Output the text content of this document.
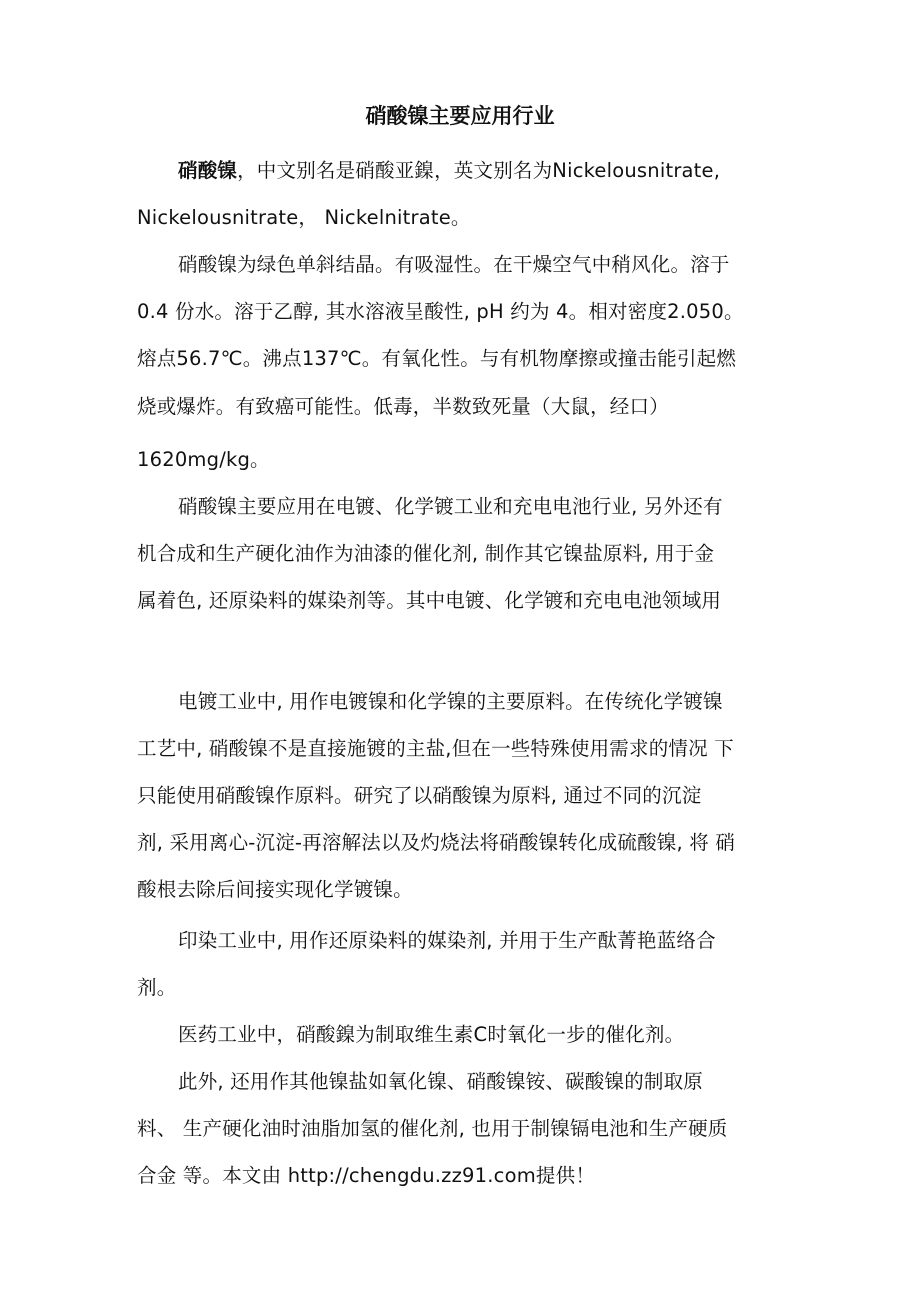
硝酸镍主要应用行业
硝酸镍，中文别名是硝酸亚鎳，英文别名为Nickelousnitrate,
Nickelousnitrate， Nickelnitrate。
硝酸镍为绿色单斜结晶。有吸湿性。在干燥空气中稍风化。溶于
0.4 份水。溶于乙醇, 其水溶液呈酸性, pH 约为 4。相对密度2.050。
熔点56.7℃。沸点137℃。有氧化性。与有机物摩擦或撞击能引起燃
烧或爆炸。有致癌可能性。低毒，半数致死量（大鼠，经口）
1620mg/kg。
硝酸镍主要应用在电镀、化学镀工业和充电电池行业, 另外还有
机合成和生产硬化油作为油漆的催化剂, 制作其它镍盐原料, 用于金
属着色, 还原染料的媒染剂等。其中电镀、化学镀和充电电池领域用
电镀工业中, 用作电镀镍和化学镍的主要原料。在传统化学镀镍
工艺中, 硝酸镍不是直接施镀的主盐,但在一些特殊使用需求的情况 下
只能使用硝酸镍作原料。研究了以硝酸镍为原料, 通过不同的沉淀
剂, 采用离心-沉淀-再溶解法以及灼烧法将硝酸镍转化成硫酸镍, 将 硝
酸根去除后间接实现化学镀镍。
印染工业中, 用作还原染料的媒染剂, 并用于生产酞菁艳蓝络合
剂。
医药工业中，硝酸鎳为制取维生素C时氧化一步的催化剂。
此外, 还用作其他镍盐如氧化镍、硝酸镍铵、碳酸镍的制取原
料、 生产硬化油时油脂加氢的催化剂, 也用于制镍镉电池和生产硬质
合金 等。本文由 http://chengdu.zz91.com提供！
